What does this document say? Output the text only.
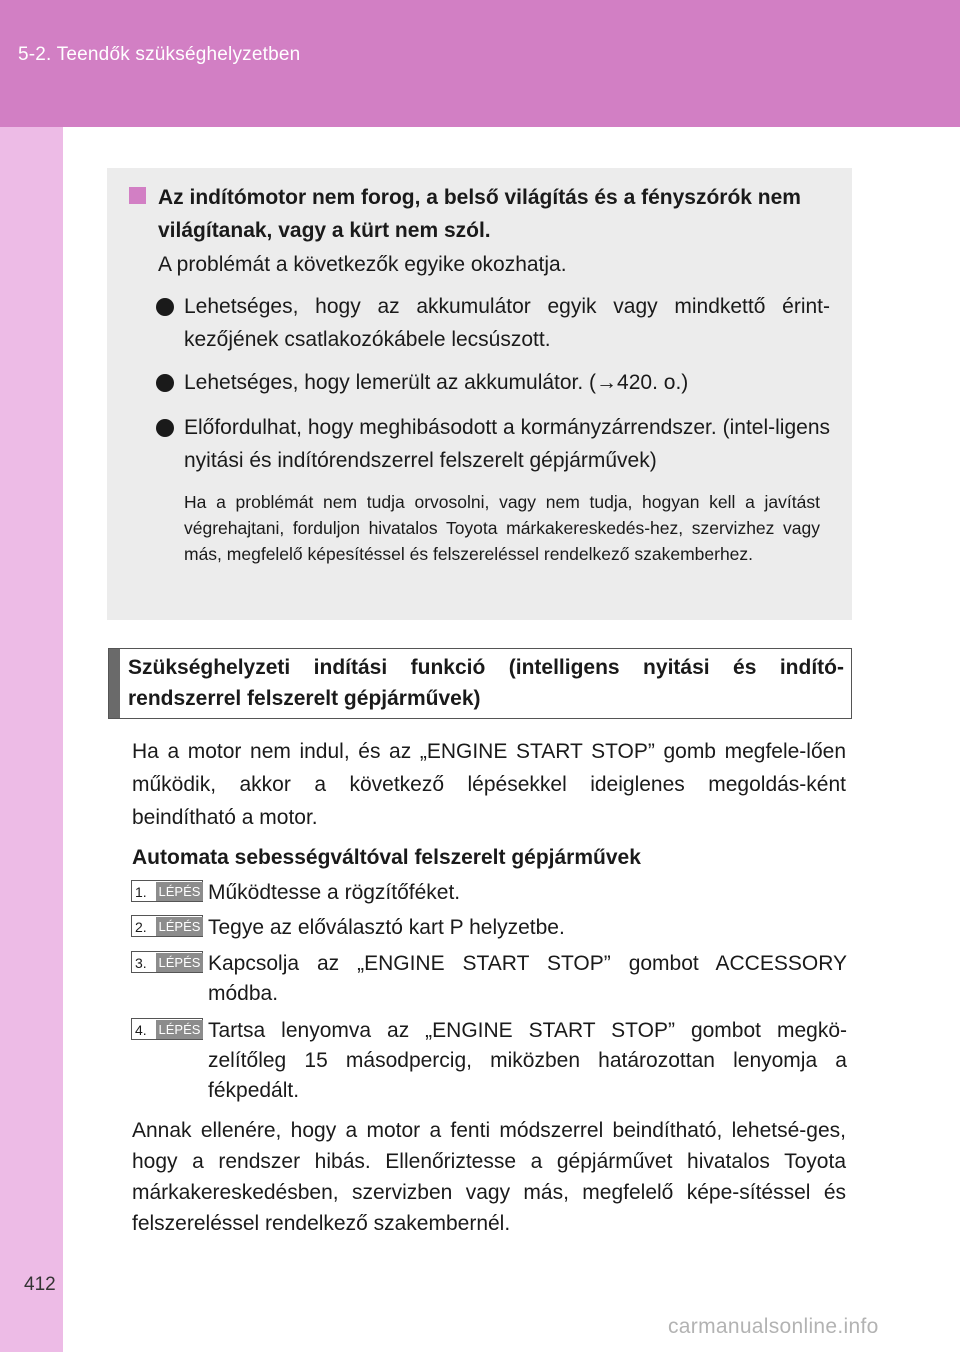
5-2. Teendők szükséghelyzetben
412
Az indítómotor nem forog, a belső világítás és a fényszórók nem világítanak, vagy a kürt nem szól.
A problémát a következők egyike okozhatja.
Lehetséges, hogy az akkumulátor egyik vagy mindkettő érint-kezőjének csatlakozókábele lecsúszott.
Lehetséges, hogy lemerült az akkumulátor. (→420. o.)
Előfordulhat, hogy meghibásodott a kormányzárrendszer. (intel-ligens nyitási és indítórendszerrel felszerelt gépjárművek)
Ha a problémát nem tudja orvosolni, vagy nem tudja, hogyan kell a javítást végrehajtani, forduljon hivatalos Toyota márkakereskedés-hez, szervizhez vagy más, megfelelő képesítéssel és felszereléssel rendelkező szakemberhez.
Szükséghelyzeti indítási funkció (intelligens nyitási és indító-rendszerrel felszerelt gépjárművek)
Ha a motor nem indul, és az „ENGINE START STOP” gomb megfele-lően működik, akkor a következő lépésekkel ideiglenes megoldás-ként beindítható a motor.
Automata sebességváltóval felszerelt gépjárművek
1. LÉPÉS Működtesse a rögzítőféket.
2. LÉPÉS Tegye az előválasztó kart P helyzetbe.
3. LÉPÉS Kapcsolja az „ENGINE START STOP” gombot ACCESSORY módba.
4. LÉPÉS Tartsa lenyomva az „ENGINE START STOP” gombot megkö-zelítőleg 15 másodpercig, miközben határozottan lenyomja a fékpedált.
Annak ellenére, hogy a motor a fenti módszerrel beindítható, lehetsé-ges, hogy a rendszer hibás. Ellenőriztesse a gépjárművet hivatalos Toyota márkakereskedésben, szervizben vagy más, megfelelő képe-sítéssel és felszereléssel rendelkező szakembernél.
carmanualsonline.info
